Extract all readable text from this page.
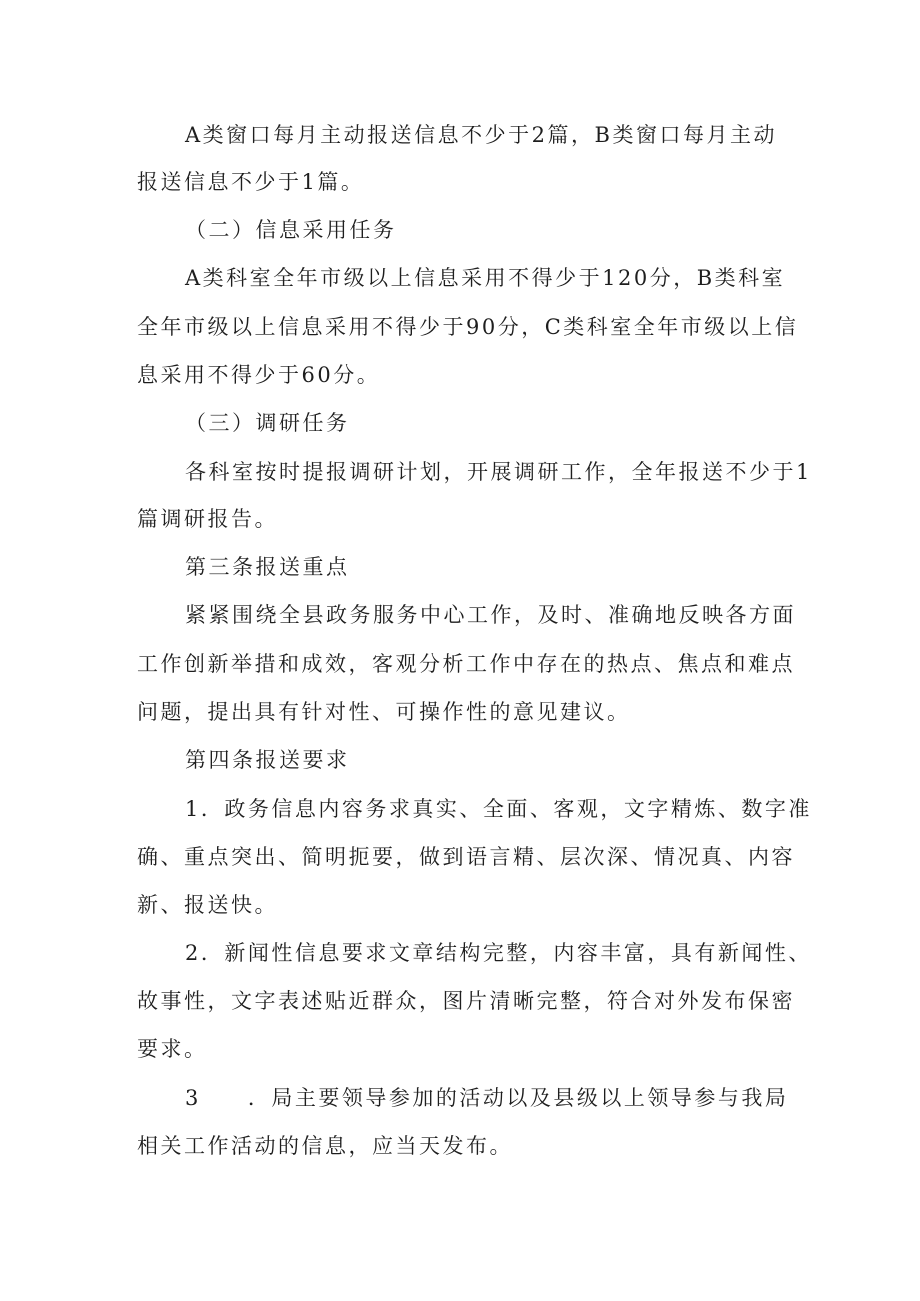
A类窗口每月主动报送信息不少于2篇，B类窗口每月主动
报送信息不少于1篇。
（二）信息采用任务
A类科室全年市级以上信息采用不得少于120分，B类科室
全年市级以上信息采用不得少于90分，C类科室全年市级以上信
息采用不得少于60分。
（三）调研任务
各科室按时提报调研计划，开展调研工作，全年报送不少于1
篇调研报告。
第三条报送重点
紧紧围绕全县政务服务中心工作，及时、准确地反映各方面
工作创新举措和成效，客观分析工作中存在的热点、焦点和难点
问题，提出具有针对性、可操作性的意见建议。
第四条报送要求
1．政务信息内容务求真实、全面、客观，文字精炼、数字准
确、重点突出、简明扼要，做到语言精、层次深、情况真、内容
新、报送快。
2．新闻性信息要求文章结构完整，内容丰富，具有新闻性、
故事性，文字表述贴近群众，图片清晰完整，符合对外发布保密
要求。
3　　．局主要领导参加的活动以及县级以上领导参与我局
相关工作活动的信息，应当天发布。
